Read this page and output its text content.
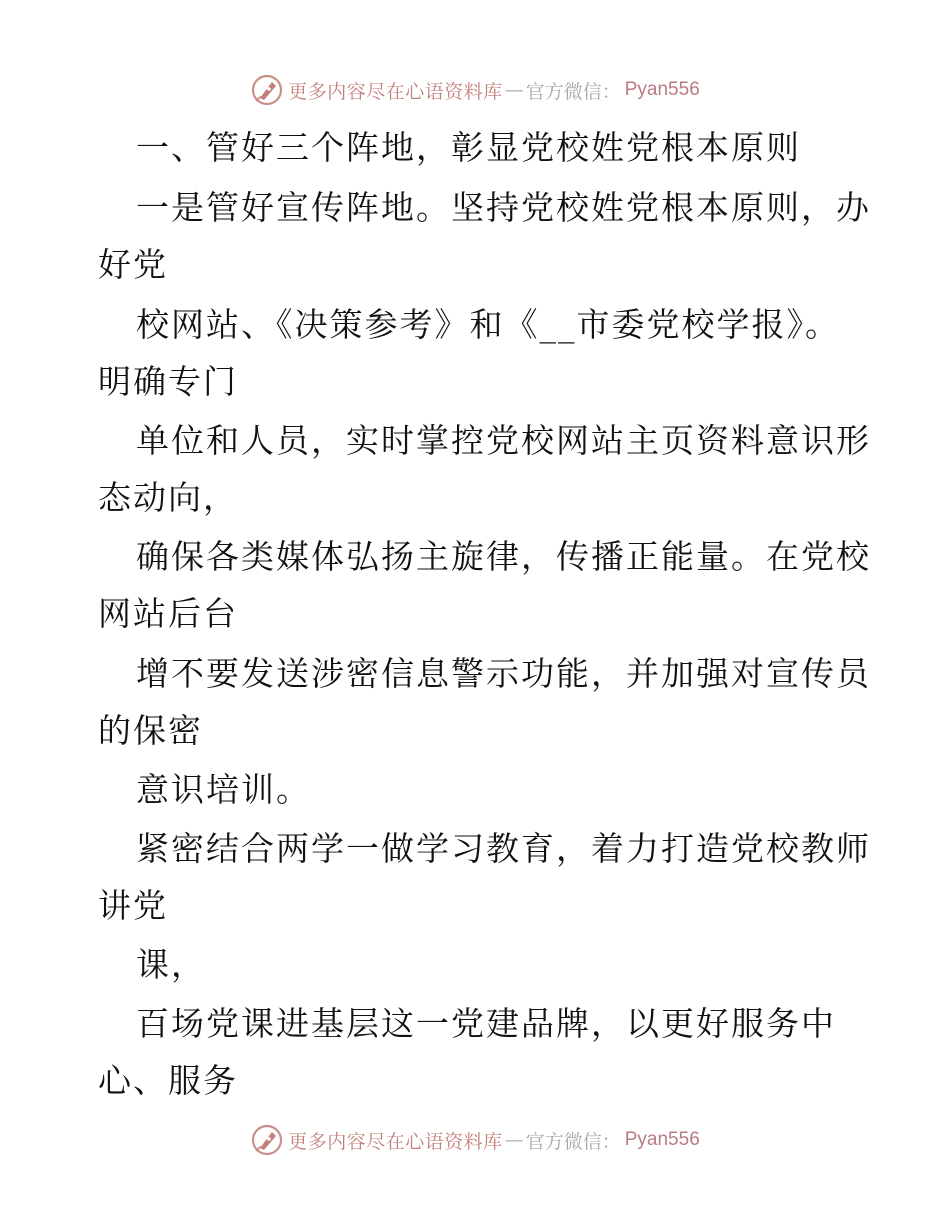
更多内容尽在心语资料库 — 官方微信： Pyan556
一、管好三个阵地，彰显党校姓党根本原则
一是管好宣传阵地。坚持党校姓党根本原则，办
好党
校网站、《决策参考》和《__市委党校学报》。
明确专门
单位和人员，实时掌控党校网站主页资料意识形
态动向，
确保各类媒体弘扬主旋律，传播正能量。在党校
网站后台
增不要发送涉密信息警示功能，并加强对宣传员
的保密
意识培训。
紧密结合两学一做学习教育，着力打造党校教师
讲党
课，
百场党课进基层这一党建品牌，以更好服务中
心、服务
更多内容尽在心语资料库 — 官方微信： Pyan556
